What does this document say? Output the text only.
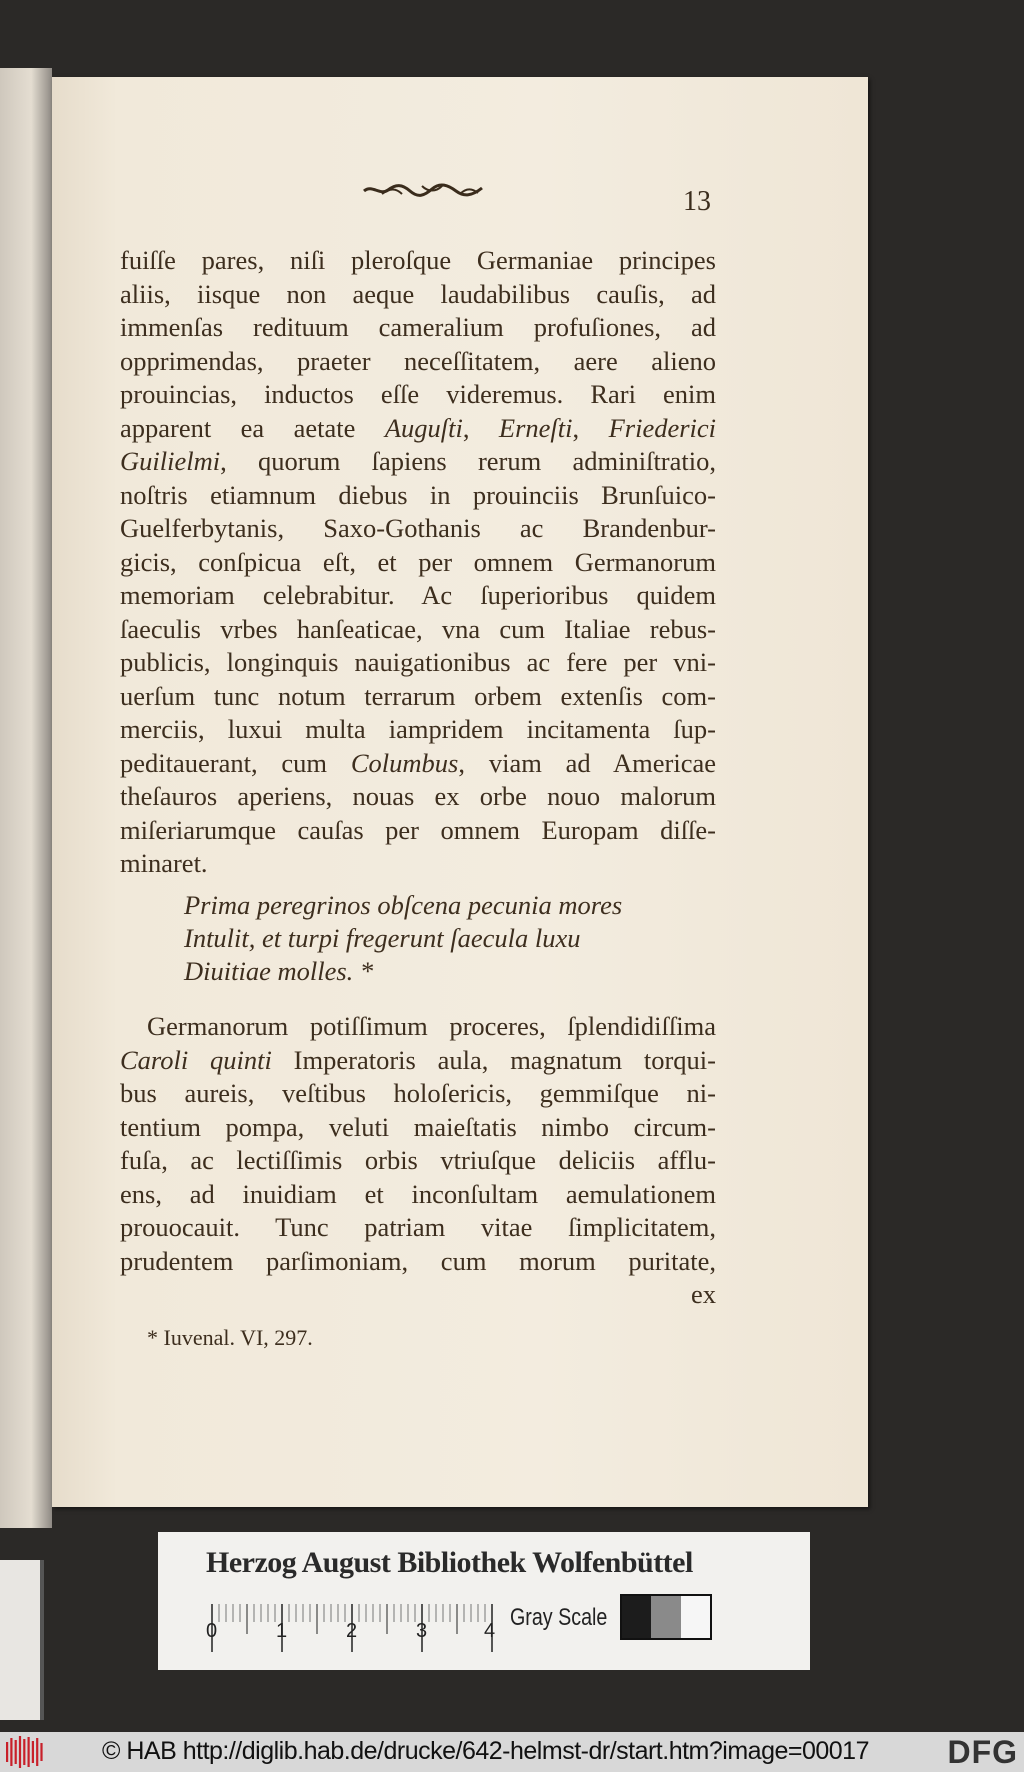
13
fuiſſe pares, niſi pleroſque Germaniae principes
aliis, iisque non aeque laudabilibus cauſis, ad
immenſas redituum cameralium profuſiones, ad
opprimendas, praeter neceſſitatem, aere alieno
prouincias, inductos eſſe videremus. Rari enim
apparent ea aetate Auguſti, Erneſti, Friederici
Guilielmi, quorum ſapiens rerum adminiſtratio,
noſtris etiamnum diebus in prouinciis Brunſuico-
Guelferbytanis, Saxo-Gothanis ac Brandenbur-
gicis, conſpicua eſt, et per omnem Germanorum
memoriam celebrabitur. Ac ſuperioribus quidem
ſaeculis vrbes hanſeaticae, vna cum Italiae rebus-
publicis, longinquis nauigationibus ac fere per vni-
uerſum tunc notum terrarum orbem extenſis com-
merciis, luxui multa iampridem incitamenta ſup-
peditauerant, cum Columbus, viam ad Americae
theſauros aperiens, nouas ex orbe nouo malorum
miſeriarumque cauſas per omnem Europam diſſe-
minaret.
Prima peregrinos obſcena pecunia mores
Intulit, et turpi fregerunt ſaecula luxu
Diuitiae molles. *
Germanorum potiſſimum proceres, ſplendidiſſima
Caroli quinti Imperatoris aula, magnatum torqui-
bus aureis, veſtibus holoſericis, gemmiſque ni-
tentium pompa, veluti maieſtatis nimbo circum-
fuſa, ac lectiſſimis orbis vtriuſque deliciis afflu-
ens, ad inuidiam et inconſultam aemulationem
prouocauit. Tunc patriam vitae ſimplicitatem,
prudentem parſimoniam, cum morum puritate,
ex
* Iuvenal. VI, 297.
Herzog August Bibliothek Wolfenbüttel
0	1	2	3	4 Gray Scale
© HAB http://diglib.hab.de/drucke/642-helmst-dr/start.htm?image=00017 DFG
